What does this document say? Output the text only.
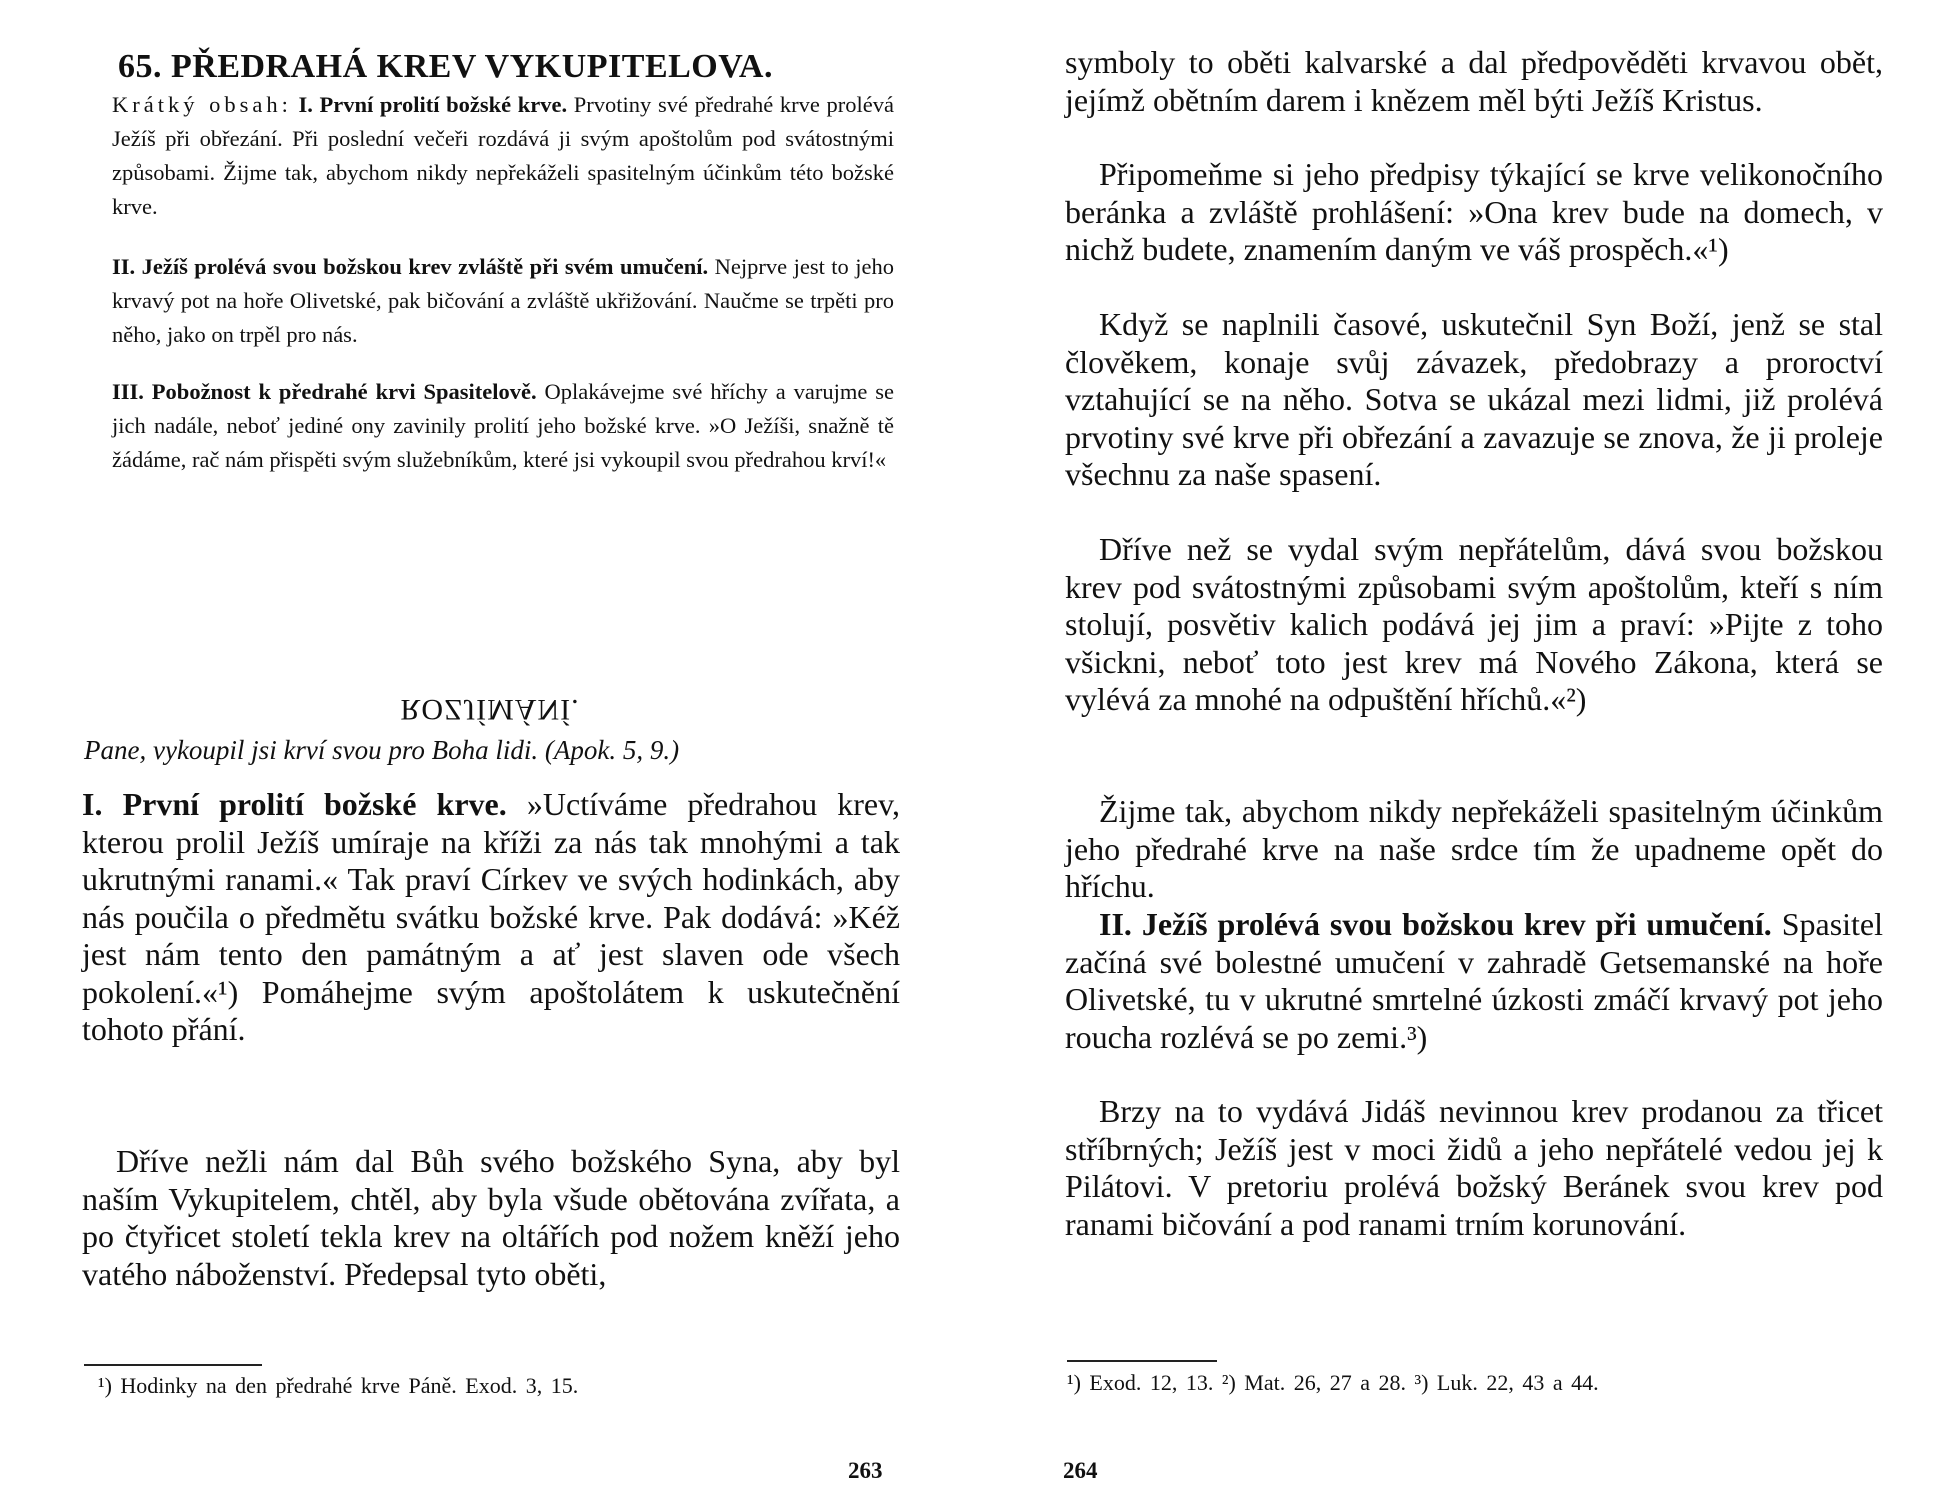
65. PŘEDRAHÁ KREV VYKUPITELOVA.

Krátký obsah: I. První prolití božské krve. Prvotiny své předrahé krve prolévá Ježíš při obřezání. Při poslední večeři rozdává ji svým apoštolům pod svátostnými způsobami. Žijme tak, abychom nikdy nepřekáželi spasitelným účinkům této božské krve.

II. Ježíš prolévá svou božskou krev zvláště při svém umučení. Nejprve jest to jeho krvavý pot na hoře Olivetské, pak bičování a zvláště ukřižování. Naučme se trpěti pro něho, jako on trpěl pro nás.

III. Pobožnost k předrahé krvi Spasitelově. Oplakávejme své hříchy a varujme se jich nadále, neboť jediné ony zavinily prolití jeho božské krve. »O Ježíši, snažně tě žádáme, rač nám přispěti svým služebníkům, které jsi vykoupil svou předrahou krví!«

ROZJÍMÁNÍ.
Pane, vykoupil jsi krví svou pro Boha lidi. (Apok. 5, 9.)

I. První prolití božské krve. »Uctíváme předrahou krev, kterou prolil Ježíš umíraje na kříži za nás tak mnohými a tak ukrutnými ranami.« Tak praví Církev ve svých hodinkách, aby nás poučila o předmětu svátku božské krve. Pak dodává: »Kéž jest nám tento den památným a ať jest slaven ode všech pokolení.«¹) Pomáhejme svým apoštolátem k uskutečnění tohoto přání.

Dříve nežli nám dal Bůh svého božského Syna, aby byl naším Vykupitelem, chtěl, aby byla všude obětována zvířata, a po čtyřicet století tekla krev na oltářích pod nožem kněží jeho vatého náboženství. Předepsal tyto oběti,

¹) Hodinky na den předrahé krve Páně. Exod. 3, 15.
263

symboly to oběti kalvarské a dal předpověděti krvavou obět, jejímž obětním darem i knězem měl býti Ježíš Kristus.

Připomeňme si jeho předpisy týkající se krve velikonočního beránka a zvláště prohlášení: »Ona krev bude na domech, v nichž budete, znamením daným ve váš prospěch.«¹)

Když se naplnili časové, uskutečnil Syn Boží, jenž se stal člověkem, konaje svůj závazek, předobrazy a proroctví vztahující se na něho. Sotva se ukázal mezi lidmi, již prolévá prvotiny své krve při obřezání a zavazuje se znova, že ji proleje všechnu za naše spasení.

Dříve než se vydal svým nepřátelům, dává svou božskou krev pod svátostnými způsobami svým apoštolům, kteří s ním stolují, posvětiv kalich podává jej jim a praví: »Pijte z toho všickni, neboť toto jest krev má Nového Zákona, která se vylévá za mnohé na odpuštění hříchů.«²)

Žijme tak, abychom nikdy nepřekáželi spasitelným účinkům jeho předrahé krve na naše srdce tím že upadneme opět do hříchu.

II. Ježíš prolévá svou božskou krev při umučení. Spasitel začíná své bolestné umučení v zahradě Getsemanské na hoře Olivetské, tu v ukrutné smrtelné úzkosti zmáčí krvavý pot jeho roucha rozlévá se po zemi.³)

Brzy na to vydává Jidáš nevinnou krev prodanou za třicet stříbrných; Ježíš jest v moci židů a jeho nepřátelé vedou jej k Pilátovi. V pretoriu prolévá božský Beránek svou krev pod ranami bičování a pod ranami trním korunování.

¹) Exod. 12, 13. ²) Mat. 26, 27 a 28. ³) Luk. 22, 43 a 44.
264
